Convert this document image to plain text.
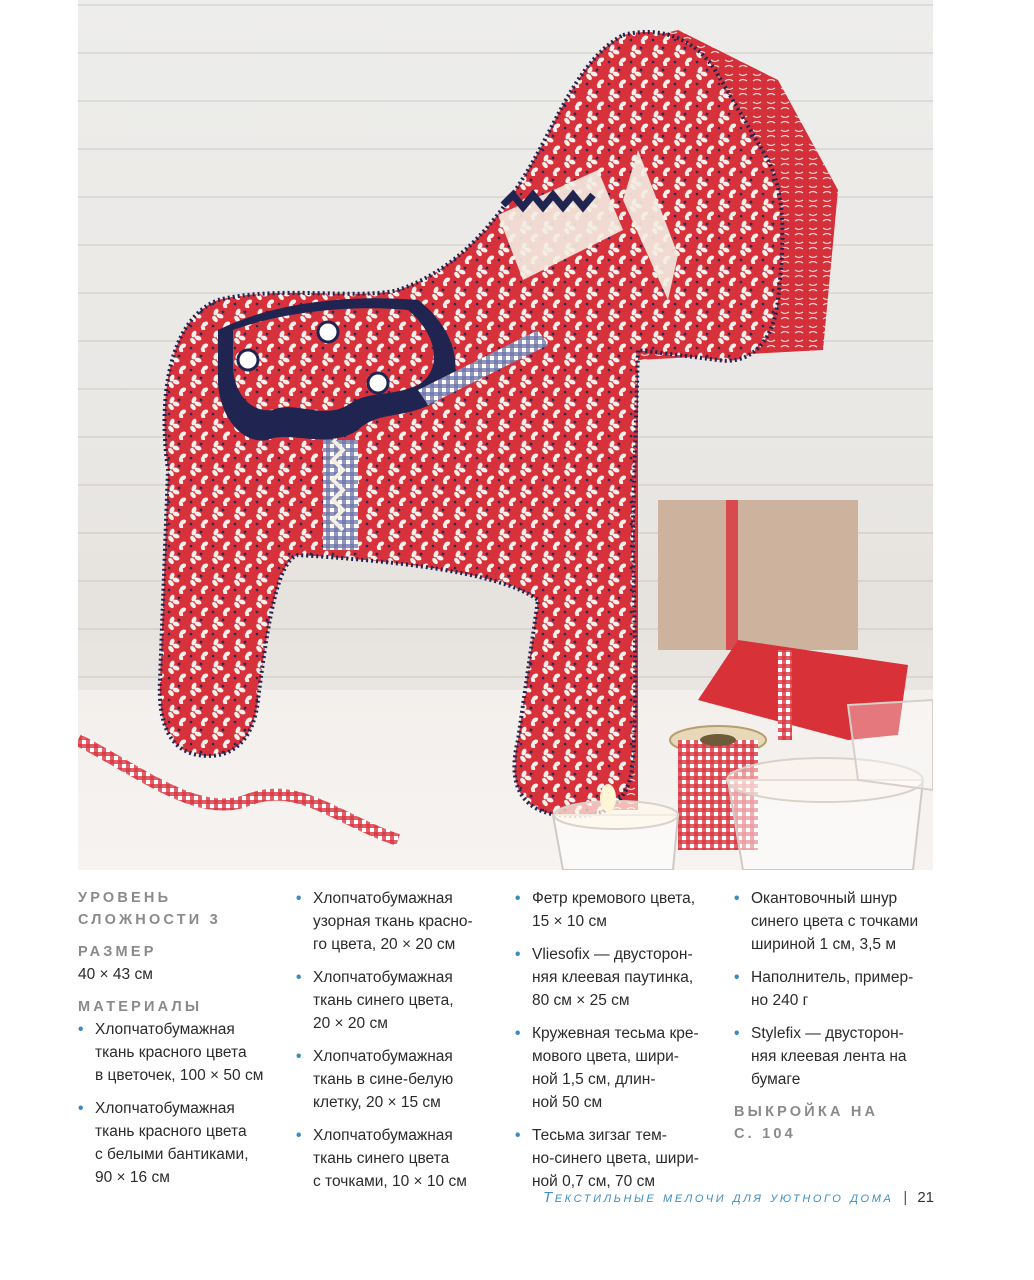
УРОВЕНЬ
СЛОЖНОСТИ 3
РАЗМЕР
40 × 43 см
МАТЕРИАЛЫ
• Хлопчатобумажная
ткань красного цвета
в цветочек, 100 × 50 см
• Хлопчатобумажная
ткань красного цвета
с белыми бантиками,
90 × 16 см
• Хлопчатобумажная
узорная ткань красно-
го цвета, 20 × 20 см
• Хлопчатобумажная
ткань синего цвета,
20 × 20 см
• Хлопчатобумажная
ткань в сине-белую
клетку, 20 × 15 см
• Хлопчатобумажная
ткань синего цвета
с точками, 10 × 10 см
• Фетр кремового цвета,
15 × 10 см
• Vliesofix — двусторон-
няя клеевая паутинка,
80 см × 25 см
• Кружевная тесьма кре-
мового цвета, шири-
ной 1,5 см, длин-
ной 50 см
• Тесьма зигзаг тем-
но-синего цвета, шири-
ной 0,7 см, 70 см
• Окантовочный шнур
синего цвета с точками
шириной 1 см, 3,5 м
• Наполнитель, пример-
но 240 г
• Stylefix — двусторон-
няя клеевая лента на
бумаге
ВЫКРОЙКА НА
С. 104
Текстильные мелочи для уютного дома | 21
